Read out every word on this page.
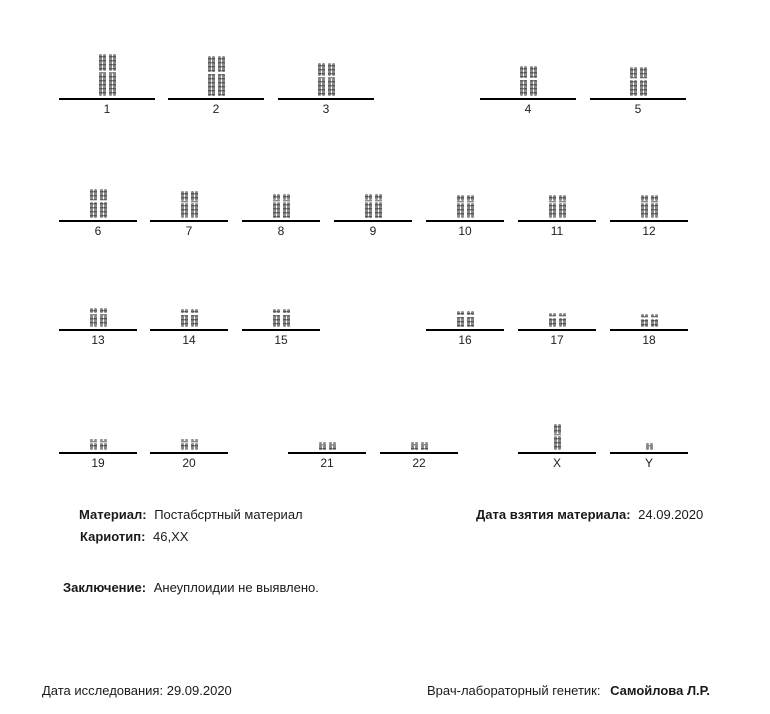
1	2	3	4	5
6	7	8	9	10	11	12
13	14	15	16	17	18
19	20	21	22	X	Y
Материал: Постабсртный материал
Кариотип: 46,XX
Дата взятия материала: 24.09.2020
Заключение: Анеуплоидии не выявлено.
Дата исследования: 29.09.2020	Врач-лабораторный генетик: Самойлова Л.Р.
